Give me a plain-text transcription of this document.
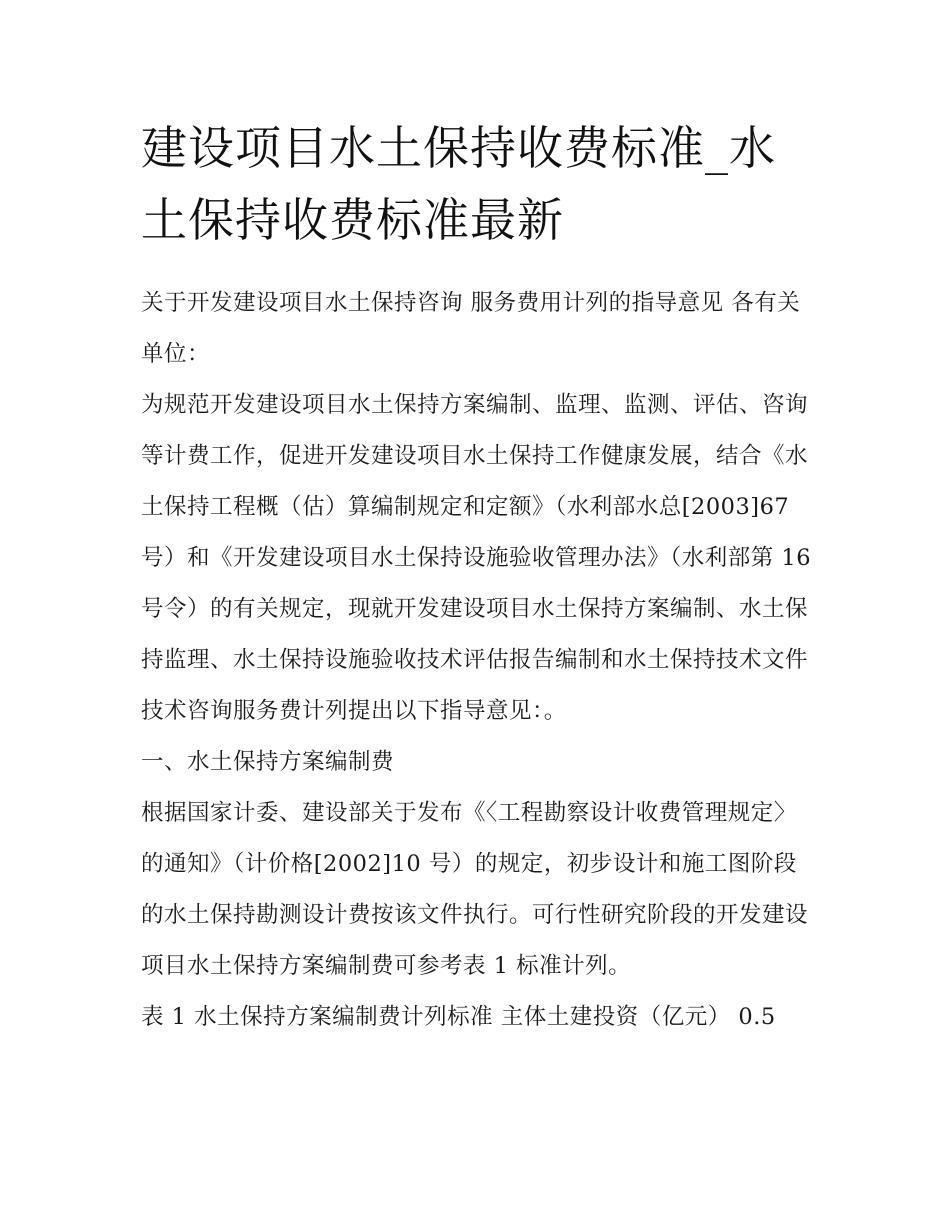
建设项目水土保持收费标准_水土保持收费标准最新

关于开发建设项目水土保持咨询 服务费用计列的指导意见 各有关单位：

为规范开发建设项目水土保持方案编制、监理、监测、评估、咨询等计费工作，促进开发建设项目水土保持工作健康发展，结合《水土保持工程概（估）算编制规定和定额》（水利部水总[2003]67 号）和《开发建设项目水土保持设施验收管理办法》（水利部第 16 号令）的有关规定，现就开发建设项目水土保持方案编制、水土保持监理、水土保持设施验收技术评估报告编制和水土保持技术文件技术咨询服务费计列提出以下指导意见：。

一、水土保持方案编制费

根据国家计委、建设部关于发布《〈工程勘察设计收费管理规定〉的通知》（计价格[2002]10 号）的规定，初步设计和施工图阶段的水土保持勘测设计费按该文件执行。可行性研究阶段的开发建设项目水土保持方案编制费可参考表 1 标准计列。

表 1 水土保持方案编制费计列标准 主体土建投资（亿元） 0.5
